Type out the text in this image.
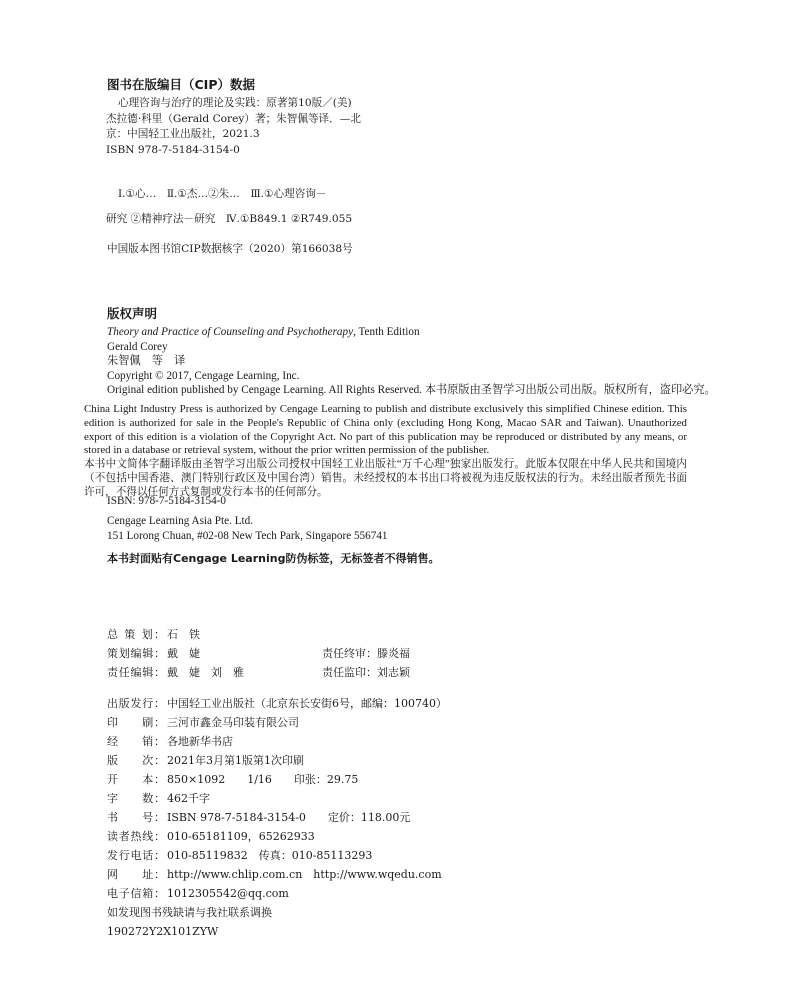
图书在版编目（CIP）数据
心理咨询与治疗的理论及实践：原著第10版／(美)
杰拉德·科里（Gerald Corey）著；朱智佩等译．—北
京：中国轻工业出版社，2021.3
ISBN 978-7-5184-3154-0
Ⅰ.①心…　Ⅱ.①杰…②朱…　Ⅲ.①心理咨询－
研究 ②精神疗法－研究　Ⅳ.①B849.1 ②R749.055
中国版本图书馆CIP数据核字（2020）第166038号
版权声明
Theory and Practice of Counseling and Psychotherapy, Tenth Edition
Gerald Corey
朱智佩　等　译
Copyright © 2017, Cengage Learning, Inc.
Original edition published by Cengage Learning. All Rights Reserved. 本书原版由圣智学习出版公司出版。版权所有，盗印必究。
China Light Industry Press is authorized by Cengage Learning to publish and distribute exclusively this simplified Chinese edition. This edition is authorized for sale in the People's Republic of China only (excluding Hong Kong, Macao SAR and Taiwan). Unauthorized export of this edition is a violation of the Copyright Act. No part of this publication may be reproduced or distributed by any means, or stored in a database or retrieval system, without the prior written permission of the publisher.
本书中文简体字翻译版由圣智学习出版公司授权中国轻工业出版社“万千心理”独家出版发行。此版本仅限在中华人民共和国境内（不包括中国香港、澳门特别行政区及中国台湾）销售。未经授权的本书出口将被视为违反版权法的行为。未经出版者预先书面许可，不得以任何方式复制或发行本书的任何部分。
ISBN: 978-7-5184-3154-0
Cengage Learning Asia Pte. Ltd.
151 Lorong Chuan, #02-08 New Tech Park, Singapore 556741
本书封面贴有Cengage Learning防伪标签，无标签者不得销售。
总 策 划： 石　铁
策划编辑： 戴　婕	责任终审： 滕炎福
责任编辑： 戴　婕　刘　雅	责任监印： 刘志颖
出版发行： 中国轻工业出版社（北京东长安街6号，邮编：100740）
印　　刷： 三河市鑫金马印装有限公司
经　　销： 各地新华书店
版　　次： 2021年3月第1版第1次印刷
开　　本： 850×1092　　1/16　　印张：29.75
字　　数： 462千字
书　　号： ISBN 978-7-5184-3154-0　　定价：118.00元
读者热线： 010-65181109，65262933
发行电话： 010-85119832　传真：010-85113293
网　　址： http://www.chlip.com.cn　http://www.wqedu.com
电子信箱： 1012305542@qq.com
如发现图书残缺请与我社联系调换
190272Y2X101ZYW
